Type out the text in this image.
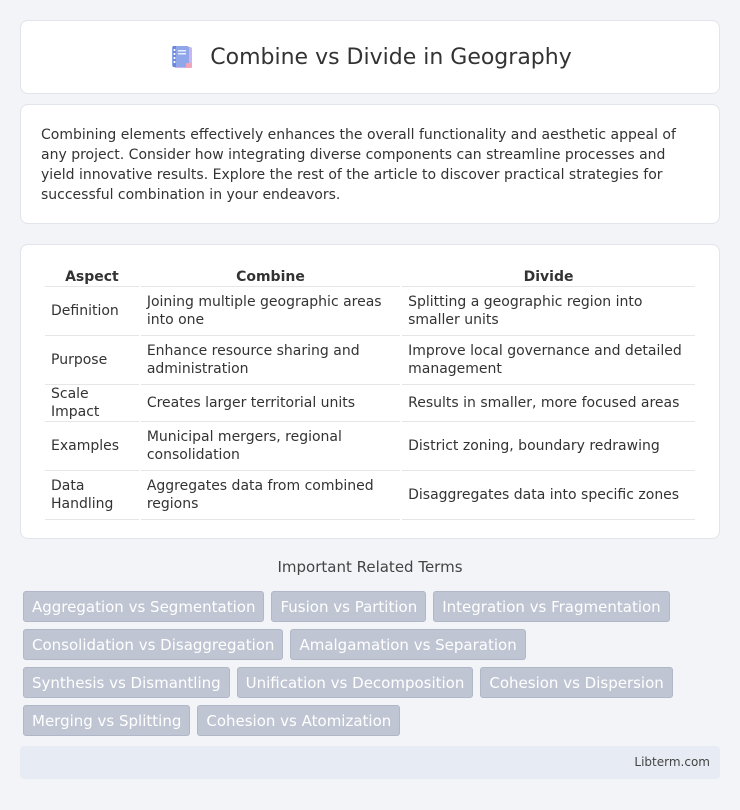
Combine vs Divide in Geography

Combining elements effectively enhances the overall functionality and aesthetic appeal of any project. Consider how integrating diverse components can streamline processes and yield innovative results. Explore the rest of the article to discover practical strategies for successful combination in your endeavors.

Aspect	Combine	Divide
Definition	Joining multiple geographic areas into one	Splitting a geographic region into smaller units
Purpose	Enhance resource sharing and administration	Improve local governance and detailed management
Scale Impact	Creates larger territorial units	Results in smaller, more focused areas
Examples	Municipal mergers, regional consolidation	District zoning, boundary redrawing
Data Handling	Aggregates data from combined regions	Disaggregates data into specific zones
Important Related Terms
Aggregation vs Segmentation	Fusion vs Partition	Integration vs Fragmentation
Consolidation vs Disaggregation	Amalgamation vs Separation
Synthesis vs Dismantling	Unification vs Decomposition	Cohesion vs Dispersion
Merging vs Splitting	Cohesion vs Atomization
Libterm.com
